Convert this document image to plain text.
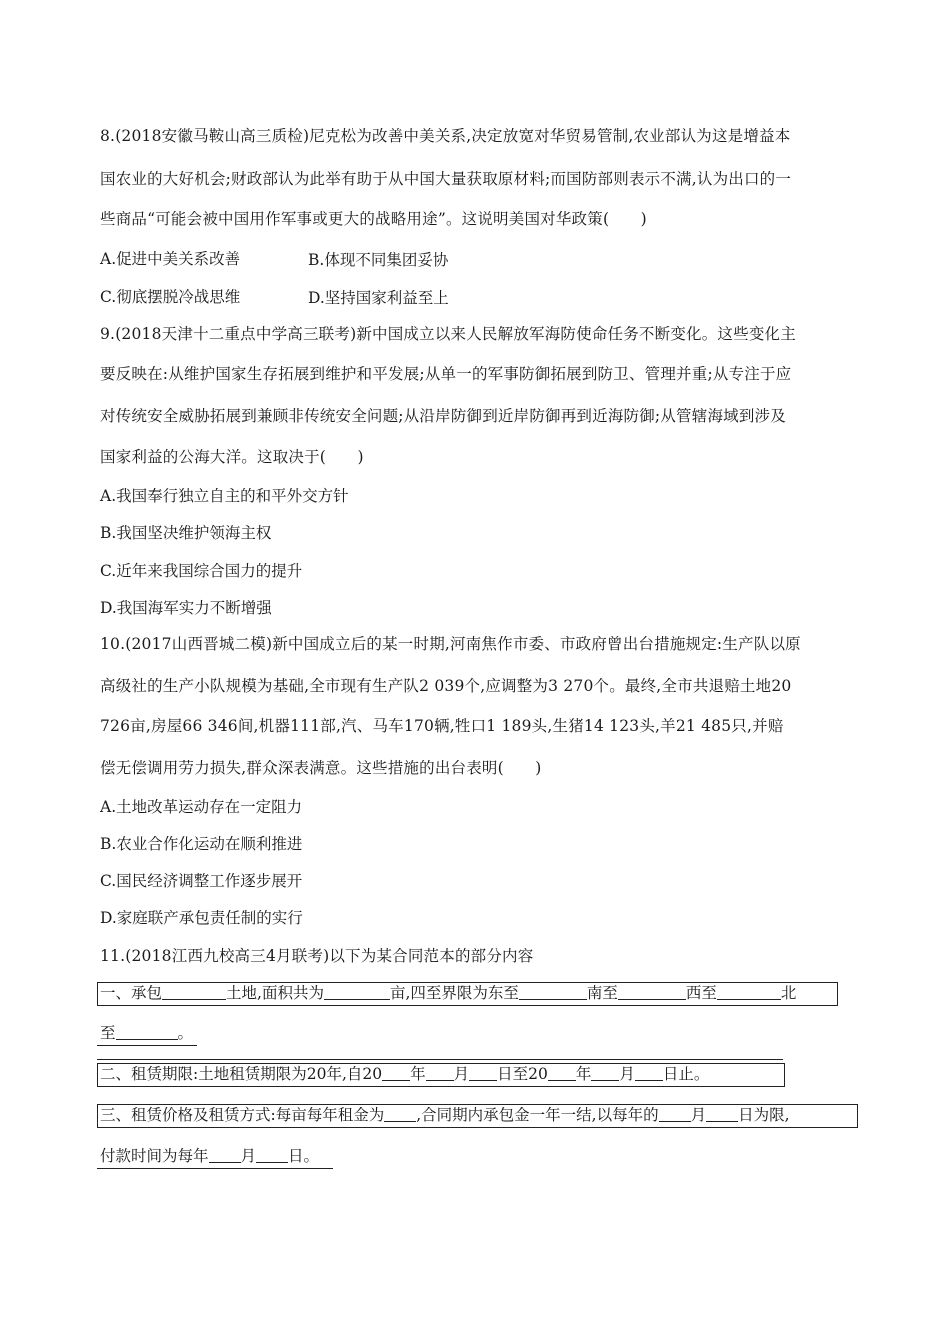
8.(2018安徽马鞍山高三质检)尼克松为改善中美关系,决定放宽对华贸易管制,农业部认为这是增益本
国农业的大好机会;财政部认为此举有助于从中国大量获取原材料;而国防部则表示不满,认为出口的一
些商品“可能会被中国用作军事或更大的战略用途”。这说明美国对华政策(　　)
A.促进中美关系改善	B.体现不同集团妥协
C.彻底摆脱冷战思维	D.坚持国家利益至上
9.(2018天津十二重点中学高三联考)新中国成立以来人民解放军海防使命任务不断变化。这些变化主
要反映在:从维护国家生存拓展到维护和平发展;从单一的军事防御拓展到防卫、管理并重;从专注于应
对传统安全威胁拓展到兼顾非传统安全问题;从沿岸防御到近岸防御再到近海防御;从管辖海域到涉及
国家利益的公海大洋。这取决于(　　)
A.我国奉行独立自主的和平外交方针
B.我国坚决维护领海主权
C.近年来我国综合国力的提升
D.我国海军实力不断增强
10.(2017山西晋城二模)新中国成立后的某一时期,河南焦作市委、市政府曾出台措施规定:生产队以原
高级社的生产小队规模为基础,全市现有生产队2 039个,应调整为3 270个。最终,全市共退赔土地20
726亩,房屋66 346间,机器111部,汽、马车170辆,牲口1 189头,生猪14 123头,羊21 485只,并赔
偿无偿调用劳力损失,群众深表满意。这些措施的出台表明(　　)
A.土地改革运动存在一定阻力
B.农业合作化运动在顺利推进
C.国民经济调整工作逐步展开
D.家庭联产承包责任制的实行
11.(2018江西九校高三4月联考)以下为某合同范本的部分内容
一、承包	土地,面积共为	亩,四至界限为东至	南至	西至	北
至	。
二、租赁期限:土地租赁期限为20年,自20 年 月 日至20 年 月 日止。
三、租赁价格及租赁方式:每亩每年租金为 ,合同期内承包金一年一结,以每年的 月 日为限,
付款时间为每年 月 日。
